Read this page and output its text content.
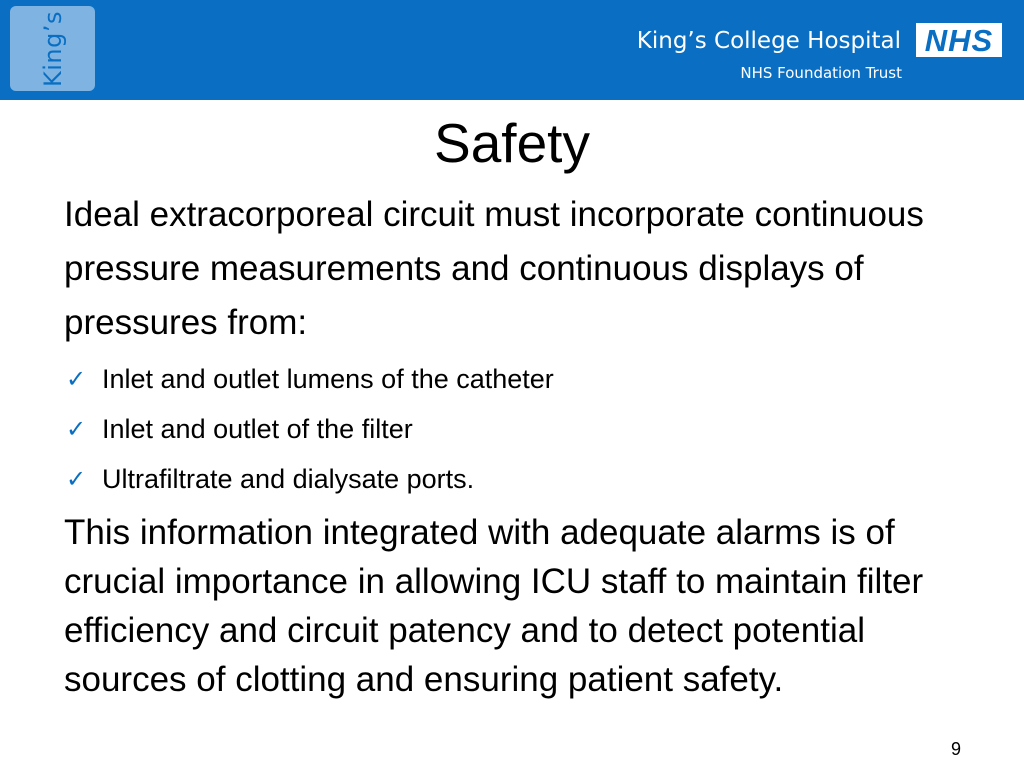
King’s	King’s College Hospital
NHS Foundation Trust
NHS
Safety

Ideal extracorporeal circuit must incorporate continuous pressure measurements and continuous displays of pressures from:

✓ Inlet and outlet lumens of the catheter
✓ Inlet and outlet of the filter
✓ Ultrafiltrate and dialysate ports.

This information integrated with adequate alarms is of crucial importance in allowing ICU staff to maintain filter efficiency and circuit patency and to detect potential sources of clotting and ensuring patient safety.

9
